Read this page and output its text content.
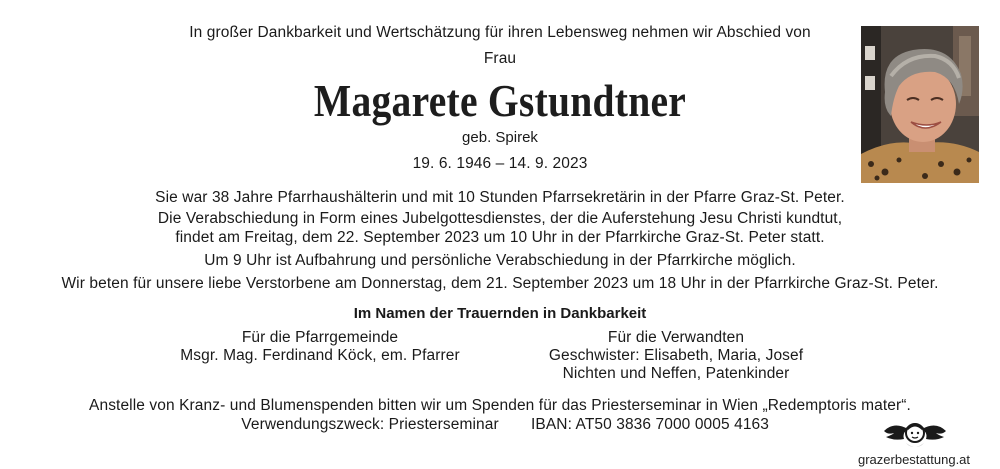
In großer Dankbarkeit und Wertschätzung für ihren Lebensweg nehmen wir Abschied von
Frau
Magarete Gstundtner
geb. Spirek
19. 6. 1946 – 14. 9. 2023
Sie war 38 Jahre Pfarrhaushälterin und mit 10 Stunden Pfarrsekretärin in der Pfarre Graz-St. Peter.
Die Verabschiedung in Form eines Jubelgottesdienstes, der die Auferstehung Jesu Christi kundtut,
findet am Freitag, dem 22. September 2023 um 10 Uhr in der Pfarrkirche Graz-St. Peter statt.
Um 9 Uhr ist Aufbahrung und persönliche Verabschiedung in der Pfarrkirche möglich.
Wir beten für unsere liebe Verstorbene am Donnerstag, dem 21. September 2023 um 18 Uhr in der Pfarrkirche Graz-St. Peter.
Im Namen der Trauernden in Dankbarkeit
Für die Pfarrgemeinde
Msgr. Mag. Ferdinand Köck, em. Pfarrer
Für die Verwandten
Geschwister: Elisabeth, Maria, Josef
Nichten und Neffen, Patenkinder
Anstelle von Kranz- und Blumenspenden bitten wir um Spenden für das Priesterseminar in Wien „Redemptoris mater“.
Verwendungszweck: Priesterseminar	IBAN: AT50 3836 7000 0005 4163
grazerbestattung.at
